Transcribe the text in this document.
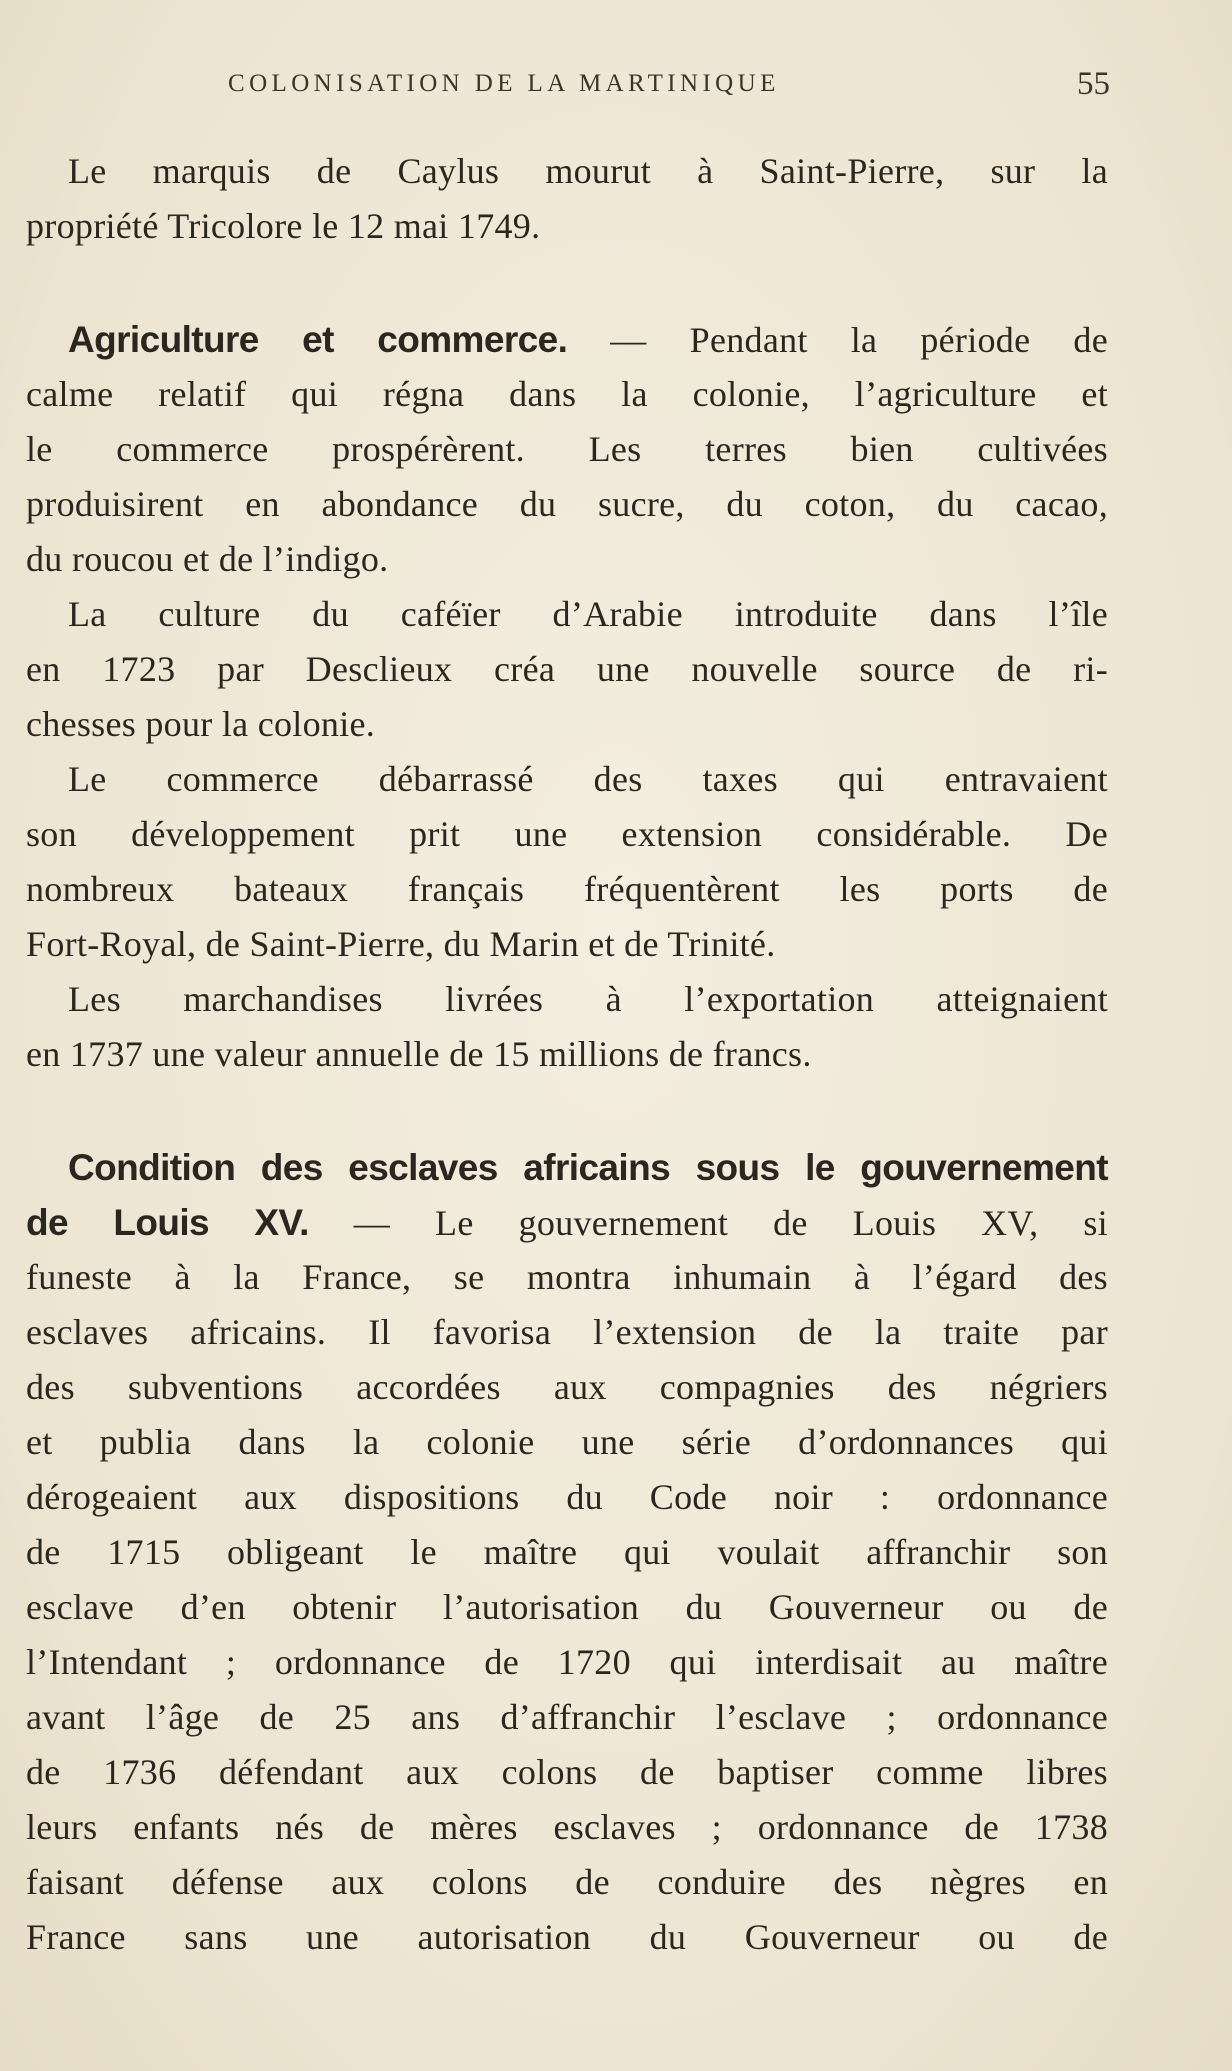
COLONISATION DE LA MARTINIQUE	55
Le marquis de Caylus mourut à Saint-Pierre, sur la
propriété Tricolore le 12 mai 1749.
Agriculture et commerce. — Pendant la période de
calme relatif qui régna dans la colonie, l’agriculture et
le commerce prospérèrent. Les terres bien cultivées
produisirent en abondance du sucre, du coton, du cacao,
du roucou et de l’indigo.
La culture du caféïer d’Arabie introduite dans l’île
en 1723 par Desclieux créa une nouvelle source de ri-
chesses pour la colonie.
Le commerce débarrassé des taxes qui entravaient
son développement prit une extension considérable. De
nombreux bateaux français fréquentèrent les ports de
Fort-Royal, de Saint-Pierre, du Marin et de Trinité.
Les marchandises livrées à l’exportation atteignaient
en 1737 une valeur annuelle de 15 millions de francs.
Condition des esclaves africains sous le gouvernement
de Louis XV. — Le gouvernement de Louis XV, si
funeste à la France, se montra inhumain à l’égard des
esclaves africains. Il favorisa l’extension de la traite par
des subventions accordées aux compagnies des négriers
et publia dans la colonie une série d’ordonnances qui
dérogeaient aux dispositions du Code noir : ordonnance
de 1715 obligeant le maître qui voulait affranchir son
esclave d’en obtenir l’autorisation du Gouverneur ou de
l’Intendant ; ordonnance de 1720 qui interdisait au maître
avant l’âge de 25 ans d’affranchir l’esclave ; ordonnance
de 1736 défendant aux colons de baptiser comme libres
leurs enfants nés de mères esclaves ; ordonnance de 1738
faisant défense aux colons de conduire des nègres en
France sans une autorisation du Gouverneur ou de
